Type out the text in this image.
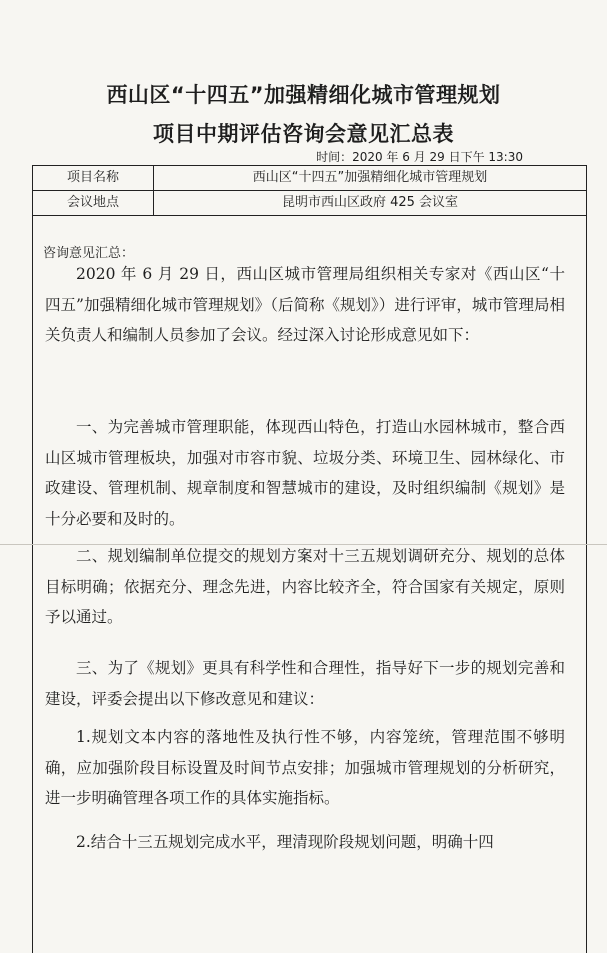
西山区“十四五”加强精细化城市管理规划
项目中期评估咨询会意见汇总表
时间：2020 年 6 月 29 日下午 13:30
项目名称	西山区“十四五”加强精细化城市管理规划
会议地点	昆明市西山区政府 425 会议室
咨询意见汇总：
2020 年 6 月 29 日，西山区城市管理局组织相关专家对《西山区“十四五”加强精细化城市管理规划》（后简称《规划》）进行评审，城市管理局相关负责人和编制人员参加了会议。经过深入讨论形成意见如下：
一、为完善城市管理职能，体现西山特色，打造山水园林城市，整合西山区城市管理板块，加强对市容市貌、垃圾分类、环境卫生、园林绿化、市政建设、管理机制、规章制度和智慧城市的建设，及时组织编制《规划》是十分必要和及时的。
二、规划编制单位提交的规划方案对十三五规划调研充分、规划的总体目标明确；依据充分、理念先进，内容比较齐全，符合国家有关规定，原则予以通过。
三、为了《规划》更具有科学性和合理性，指导好下一步的规划完善和建设，评委会提出以下修改意见和建议：
1.规划文本内容的落地性及执行性不够，内容笼统，管理范围不够明确，应加强阶段目标设置及时间节点安排；加强城市管理规划的分析研究，进一步明确管理各项工作的具体实施指标。
2.结合十三五规划完成水平，理清现阶段规划问题，明确十四
